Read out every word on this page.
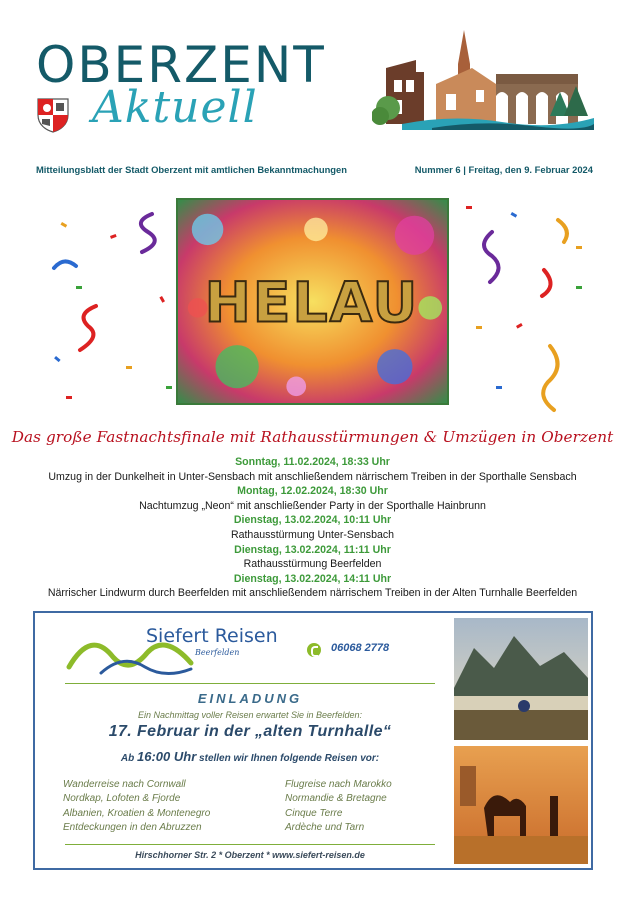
OBERZENT
Aktuell
Mitteilungsblatt der Stadt Oberzent mit amtlichen Bekanntmachungen	Nummer 6 | Freitag, den 9. Februar 2024
HELAU
Das große Fastnachtsfinale mit Rathausstürmungen & Umzügen in Oberzent
Sonntag, 11.02.2024, 18:33 Uhr
Umzug in der Dunkelheit in Unter-Sensbach mit anschließendem närrischem Treiben in der Sporthalle Sensbach
Montag, 12.02.2024, 18:30 Uhr
Nachtumzug „Neon“ mit anschließender Party in der Sporthalle Hainbrunn
Dienstag, 13.02.2024, 10:11 Uhr
Rathausstürmung Unter-Sensbach
Dienstag, 13.02.2024, 11:11 Uhr
Rathausstürmung Beerfelden
Dienstag, 13.02.2024, 14:11 Uhr
Närrischer Lindwurm durch Beerfelden mit anschließendem närrischem Treiben in der Alten Turnhalle Beerfelden
Siefert Reisen
Beerfelden	06068 2778
EINLADUNG
Ein Nachmittag voller Reisen erwartet Sie in Beerfelden:
17. Februar in der „alten Turnhalle“
Ab 16:00 Uhr stellen wir Ihnen folgende Reisen vor:
Wanderreise nach Cornwall
Nordkap, Lofoten & Fjorde
Albanien, Kroatien & Montenegro
Entdeckungen in den Abruzzen
Flugreise nach Marokko
Normandie & Bretagne
Cinque Terre
Ardèche und Tarn
Hirschhorner Str. 2 * Oberzent * www.siefert-reisen.de
